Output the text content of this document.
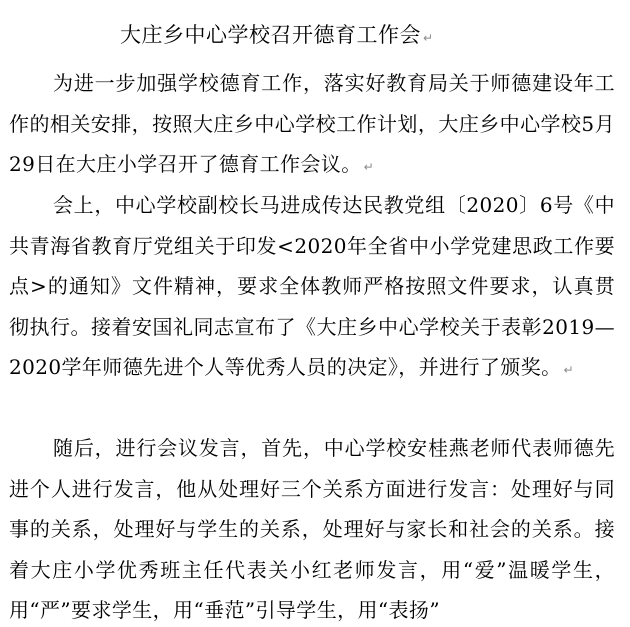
大庄乡中心学校召开德育工作会 ↵
为进一步加强学校德育工作，落实好教育局关于师德建设年工作的相关安排，按照大庄乡中心学校工作计划，大庄乡中心学校5月29日在大庄小学召开了德育工作会议。 ↵
会上，中心学校副校长马进成传达民教党组〔2020〕6号《中共青海省教育厅党组关于印发<2020年全省中小学党建思政工作要点>的通知》文件精神，要求全体教师严格按照文件要求，认真贯彻执行。接着安国礼同志宣布了《大庄乡中心学校关于表彰2019—2020学年师德先进个人等优秀人员的决定》，并进行了颁奖。 ↵
随后，进行会议发言，首先，中心学校安桂燕老师代表师德先进个人进行发言，他从处理好三个关系方面进行发言：处理好与同事的关系，处理好与学生的关系，处理好与家长和社会的关系。接着大庄小学优秀班主任代表关小红老师发言，用“爱”温暖学生，用“严”要求学生，用“垂范”引导学生，用“表扬”
